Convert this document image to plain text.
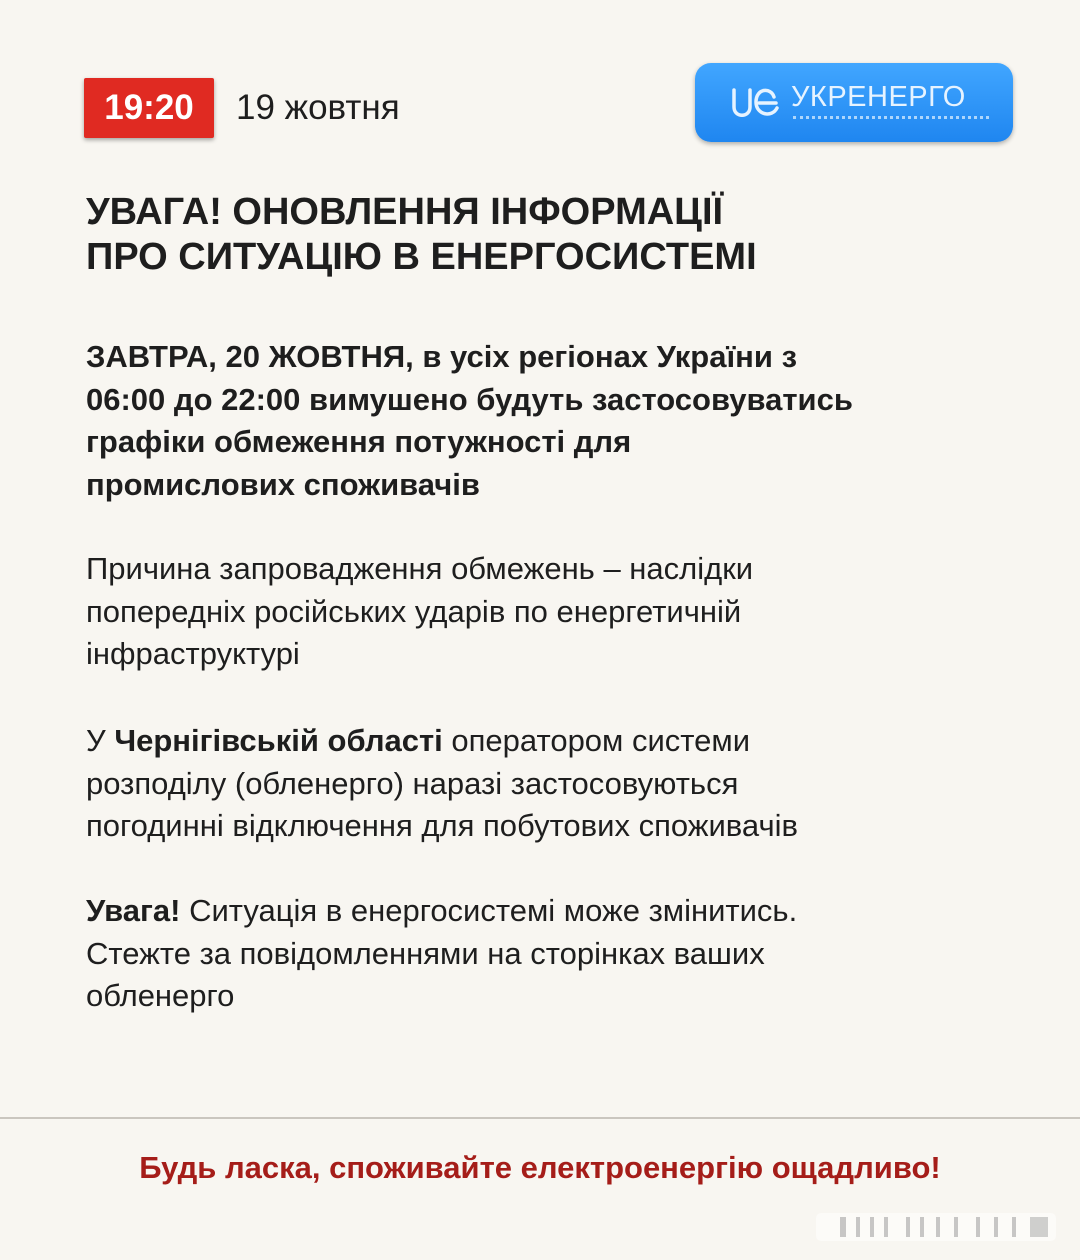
19:20	19 жовтня	УКРЕНЕРГО
УВАГА! ОНОВЛЕННЯ ІНФОРМАЦІЇ
ПРО СИТУАЦІЮ В ЕНЕРГОСИСТЕМІ

ЗАВТРА, 20 ЖОВТНЯ, в усіх регіонах України з
06:00 до 22:00 вимушено будуть застосовуватись
графіки обмеження потужності для
промислових споживачів

Причина запровадження обмежень – наслідки
попередніх російських ударів по енергетичній
інфраструктурі

У Чернігівській області оператором системи
розподілу (обленерго) наразі застосовуються
погодинні відключення для побутових споживачів

Увага! Ситуація в енергосистемі може змінитись.
Стежте за повідомленнями на сторінках ваших
обленерго

Будь ласка, споживайте електроенергію ощадливо!
